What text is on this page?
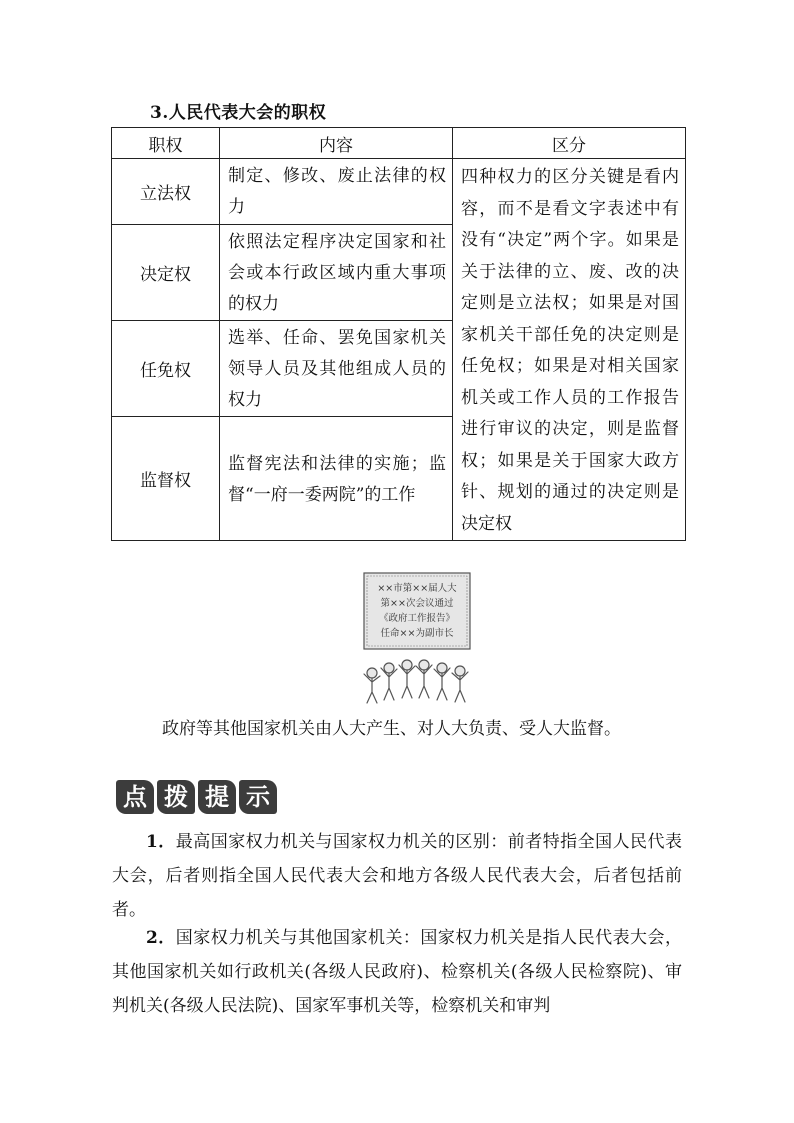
3.人民代表大会的职权
职权	内容	区分
立法权	制定、修改、废止法律的权力	四种权力的区分关键是看内容，而不是看文字表述中有没有“决定”两个字。如果是关于法律的立、废、改的决定则是立法权；如果是对国家机关干部任免的决定则是任免权；如果是对相关国家机关或工作人员的工作报告进行审议的决定，则是监督权；如果是关于国家大政方针、规划的通过的决定则是决定权
决定权	依照法定程序决定国家和社会或本行政区域内重大事项的权力	
任免权	选举、任命、罢免国家机关领导人员及其他组成人员的权力	
监督权	监督宪法和法律的实施；监督“一府一委两院”的工作	
××市第××届人大
第××次会议通过
《政府工作报告》
任命××为副市长
政府等其他国家机关由人大产生、对人大负责、受人大监督。
点 拨 提 示

1．最高国家权力机关与国家权力机关的区别：前者特指全国人民代表大会，后者则指全国人民代表大会和地方各级人民代表大会，后者包括前者。

2．国家权力机关与其他国家机关：国家权力机关是指人民代表大会，其他国家机关如行政机关(各级人民政府)、检察机关(各级人民检察院)、审判机关(各级人民法院)、国家军事机关等，检察机关和审判
